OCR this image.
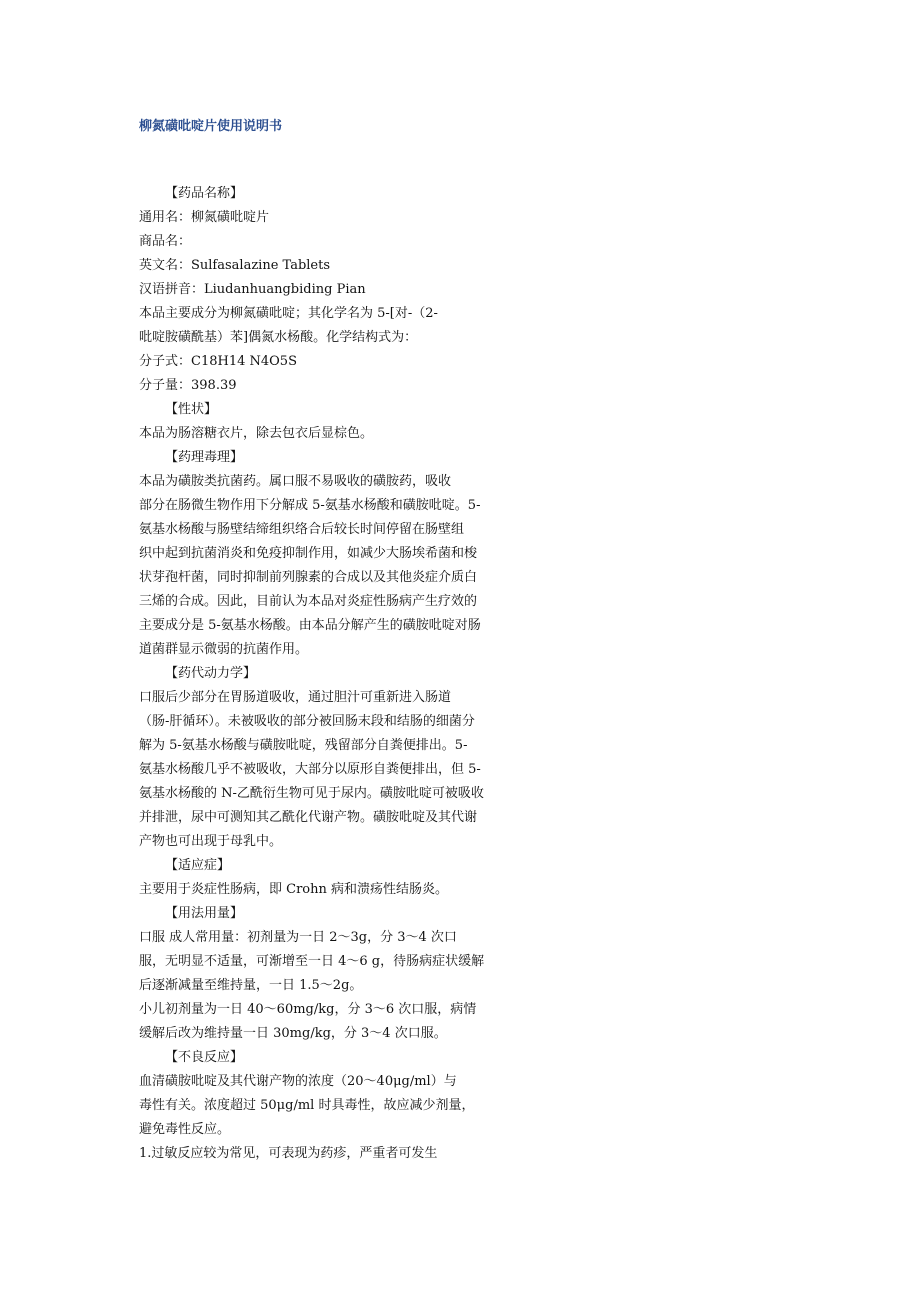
柳氮磺吡啶片使用说明书
【药品名称】
通用名：柳氮磺吡啶片
商品名：
英文名：Sulfasalazine Tablets
汉语拼音：Liudanhuangbiding Pian
本品主要成分为柳氮磺吡啶；其化学名为 5-[对-（2-
吡啶胺磺酰基）苯]偶氮水杨酸。化学结构式为：
分子式：C18H14 N4O5S
分子量：398.39
【性状】
本品为肠溶糖衣片，除去包衣后显棕色。
【药理毒理】
本品为磺胺类抗菌药。属口服不易吸收的磺胺药，吸收
部分在肠微生物作用下分解成 5-氨基水杨酸和磺胺吡啶。5-
氨基水杨酸与肠壁结缔组织络合后较长时间停留在肠壁组
织中起到抗菌消炎和免疫抑制作用，如减少大肠埃希菌和梭
状芽孢杆菌，同时抑制前列腺素的合成以及其他炎症介质白
三烯的合成。因此，目前认为本品对炎症性肠病产生疗效的
主要成分是 5-氨基水杨酸。由本品分解产生的磺胺吡啶对肠
道菌群显示微弱的抗菌作用。
【药代动力学】
口服后少部分在胃肠道吸收，通过胆汁可重新进入肠道
（肠-肝循环）。未被吸收的部分被回肠末段和结肠的细菌分
解为 5-氨基水杨酸与磺胺吡啶，残留部分自粪便排出。5-
氨基水杨酸几乎不被吸收，大部分以原形自粪便排出，但 5-
氨基水杨酸的 N-乙酰衍生物可见于尿内。磺胺吡啶可被吸收
并排泄，尿中可测知其乙酰化代谢产物。磺胺吡啶及其代谢
产物也可出现于母乳中。
【适应症】
主要用于炎症性肠病，即 Crohn 病和溃疡性结肠炎。
【用法用量】
口服 成人常用量：初剂量为一日 2～3g，分 3～4 次口
服，无明显不适量，可渐增至一日 4～6 g，待肠病症状缓解
后逐渐减量至维持量，一日 1.5～2g。
小儿初剂量为一日 40～60mg/kg，分 3～6 次口服，病情
缓解后改为维持量一日 30mg/kg，分 3～4 次口服。
【不良反应】
血清磺胺吡啶及其代谢产物的浓度（20～40μg/ml）与
毒性有关。浓度超过 50μg/ml 时具毒性，故应减少剂量，
避免毒性反应。
1.过敏反应较为常见，可表现为药疹，严重者可发生
